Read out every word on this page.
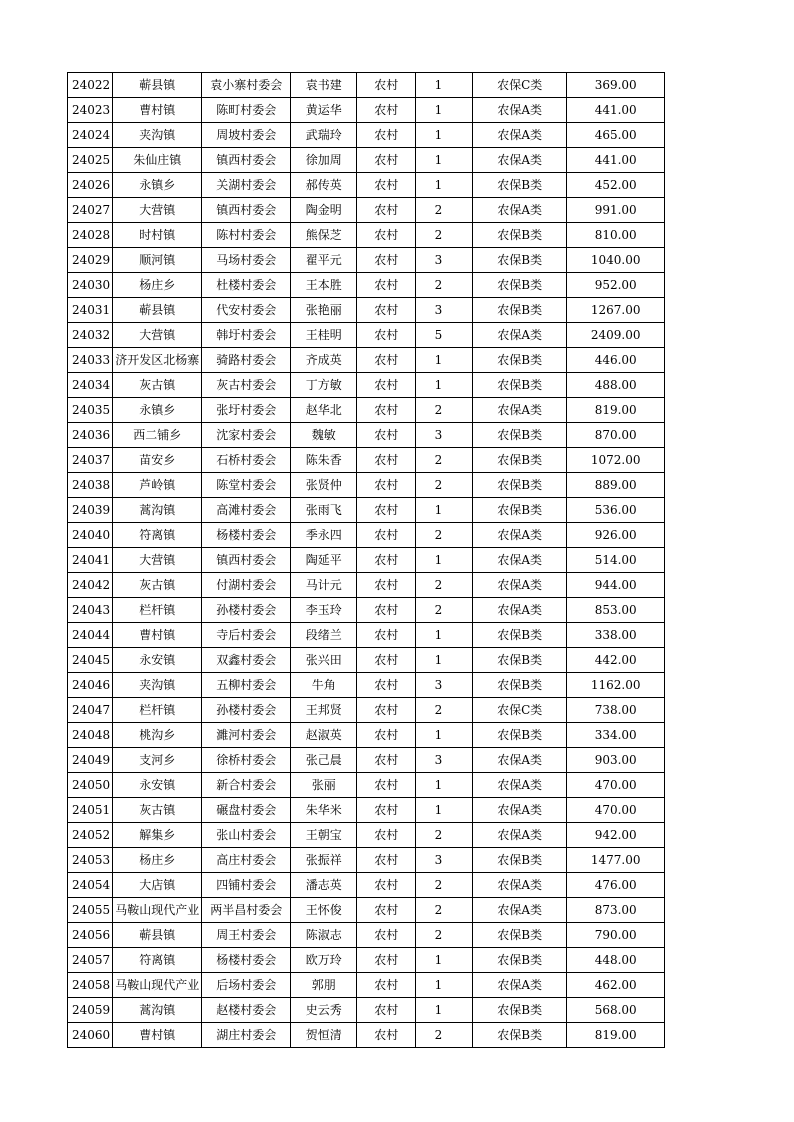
24022	蕲县镇	袁小寨村委会	袁书建	农村	1	农保C类	369.00
24023	曹村镇	陈町村委会	黄运华	农村	1	农保A类	441.00
24024	夹沟镇	周坡村委会	武瑞玲	农村	1	农保A类	465.00
24025	朱仙庄镇	镇西村委会	徐加周	农村	1	农保A类	441.00
24026	永镇乡	关湖村委会	郝传英	农村	1	农保B类	452.00
24027	大营镇	镇西村委会	陶金明	农村	2	农保A类	991.00
24028	时村镇	陈村村委会	熊保芝	农村	2	农保B类	810.00
24029	顺河镇	马场村委会	翟平元	农村	3	农保B类	1040.00
24030	杨庄乡	杜楼村委会	王本胜	农村	2	农保B类	952.00
24031	蕲县镇	代安村委会	张艳丽	农村	3	农保B类	1267.00
24032	大营镇	韩圩村委会	王桂明	农村	5	农保A类	2409.00
24033	济开发区北杨寨	骑路村委会	齐成英	农村	1	农保B类	446.00
24034	灰古镇	灰古村委会	丁方敏	农村	1	农保B类	488.00
24035	永镇乡	张圩村委会	赵华北	农村	2	农保A类	819.00
24036	西二铺乡	沈家村委会	魏敏	农村	3	农保B类	870.00
24037	苗安乡	石桥村委会	陈朱香	农村	2	农保B类	1072.00
24038	芦岭镇	陈堂村委会	张贤仲	农村	2	农保B类	889.00
24039	蒿沟镇	高滩村委会	张雨飞	农村	1	农保B类	536.00
24040	符离镇	杨楼村委会	季永四	农村	2	农保A类	926.00
24041	大营镇	镇西村委会	陶延平	农村	1	农保A类	514.00
24042	灰古镇	付湖村委会	马计元	农村	2	农保A类	944.00
24043	栏杆镇	孙楼村委会	李玉玲	农村	2	农保A类	853.00
24044	曹村镇	寺后村委会	段绪兰	农村	1	农保B类	338.00
24045	永安镇	双鑫村委会	张兴田	农村	1	农保B类	442.00
24046	夹沟镇	五柳村委会	牛角	农村	3	农保B类	1162.00
24047	栏杆镇	孙楼村委会	王邦贤	农村	2	农保C类	738.00
24048	桃沟乡	濉河村委会	赵淑英	农村	1	农保B类	334.00
24049	支河乡	徐桥村委会	张己晨	农村	3	农保A类	903.00
24050	永安镇	新合村委会	张丽	农村	1	农保A类	470.00
24051	灰古镇	碾盘村委会	朱华米	农村	1	农保A类	470.00
24052	解集乡	张山村委会	王朝宝	农村	2	农保A类	942.00
24053	杨庄乡	高庄村委会	张振祥	农村	3	农保B类	1477.00
24054	大店镇	四铺村委会	潘志英	农村	2	农保A类	476.00
24055	马鞍山现代产业	两半昌村委会	王怀俊	农村	2	农保A类	873.00
24056	蕲县镇	周王村委会	陈淑志	农村	2	农保B类	790.00
24057	符离镇	杨楼村委会	欧万玲	农村	1	农保B类	448.00
24058	马鞍山现代产业	后场村委会	郭朋	农村	1	农保A类	462.00
24059	蒿沟镇	赵楼村委会	史云秀	农村	1	农保B类	568.00
24060	曹村镇	湖庄村委会	贺恒清	农村	2	农保B类	819.00
